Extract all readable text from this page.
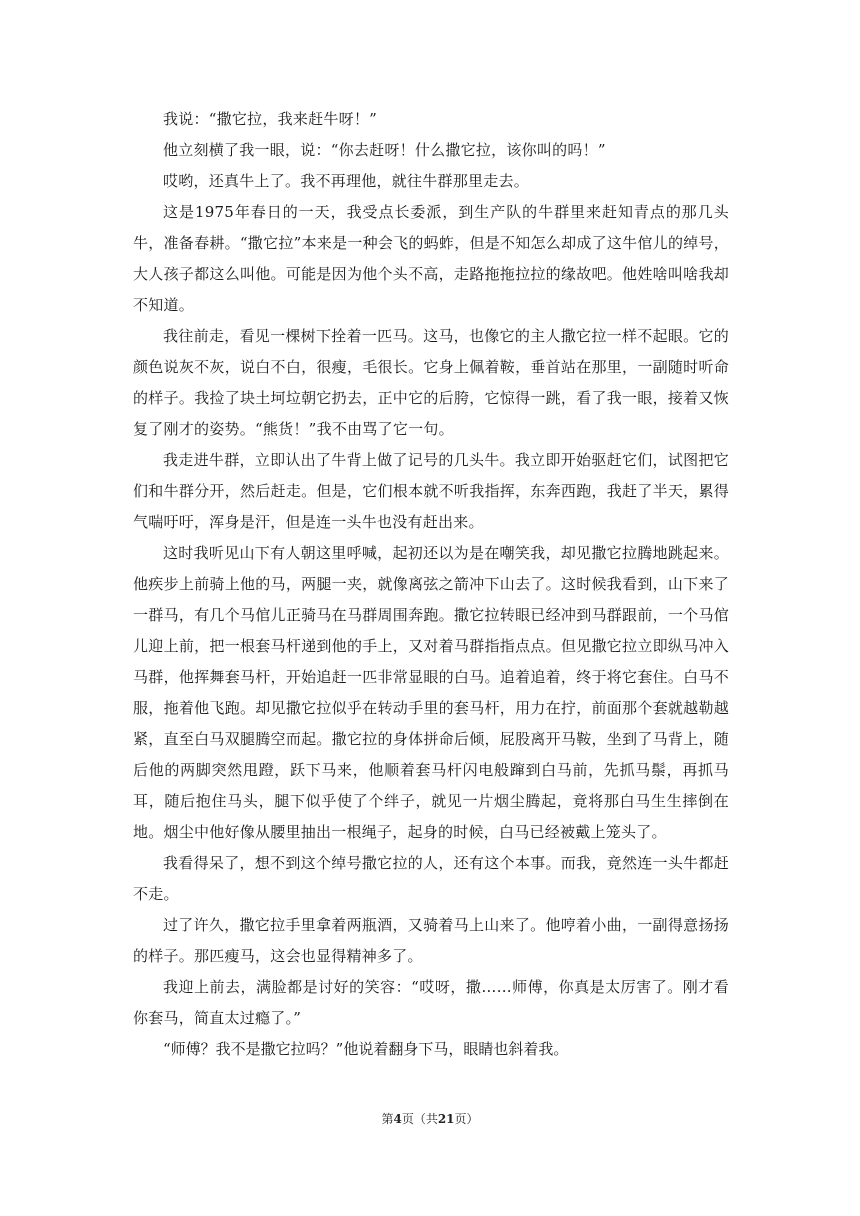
我说：“撒它拉，我来赶牛呀！”

他立刻横了我一眼，说：“你去赶呀！什么撒它拉，该你叫的吗！”

哎哟，还真牛上了。我不再理他，就往牛群那里走去。

这是1975年春日的一天，我受点长委派，到生产队的牛群里来赶知青点的那几头牛，准备春耕。“撒它拉”本来是一种会飞的蚂蚱，但是不知怎么却成了这牛倌儿的绰号，大人孩子都这么叫他。可能是因为他个头不高，走路拖拖拉拉的缘故吧。他姓啥叫啥我却不知道。

我往前走，看见一棵树下拴着一匹马。这马，也像它的主人撒它拉一样不起眼。它的颜色说灰不灰，说白不白，很瘦，毛很长。它身上佩着鞍，垂首站在那里，一副随时听命的样子。我捡了块土坷垃朝它扔去，正中它的后胯，它惊得一跳，看了我一眼，接着又恢复了刚才的姿势。“熊货！”我不由骂了它一句。

我走进牛群，立即认出了牛背上做了记号的几头牛。我立即开始驱赶它们，试图把它们和牛群分开，然后赶走。但是，它们根本就不听我指挥，东奔西跑，我赶了半天，累得气喘吁吁，浑身是汗，但是连一头牛也没有赶出来。

这时我听见山下有人朝这里呼喊，起初还以为是在嘲笑我，却见撒它拉腾地跳起来。他疾步上前骑上他的马，两腿一夹，就像离弦之箭冲下山去了。这时候我看到，山下来了一群马，有几个马倌儿正骑马在马群周围奔跑。撒它拉转眼已经冲到马群跟前，一个马倌儿迎上前，把一根套马杆递到他的手上，又对着马群指指点点。但见撒它拉立即纵马冲入马群，他挥舞套马杆，开始追赶一匹非常显眼的白马。追着追着，终于将它套住。白马不服，拖着他飞跑。却见撒它拉似乎在转动手里的套马杆，用力在拧，前面那个套就越勒越紧，直至白马双腿腾空而起。撒它拉的身体拼命后倾，屁股离开马鞍，坐到了马背上，随后他的两脚突然甩蹬，跃下马来，他顺着套马杆闪电般蹿到白马前，先抓马鬃，再抓马耳，随后抱住马头，腿下似乎使了个绊子，就见一片烟尘腾起，竟将那白马生生摔倒在地。烟尘中他好像从腰里抽出一根绳子，起身的时候，白马已经被戴上笼头了。

我看得呆了，想不到这个绰号撒它拉的人，还有这个本事。而我，竟然连一头牛都赶不走。

过了许久，撒它拉手里拿着两瓶酒，又骑着马上山来了。他哼着小曲，一副得意扬扬的样子。那匹瘦马，这会也显得精神多了。

我迎上前去，满脸都是讨好的笑容：“哎呀，撒……师傅，你真是太厉害了。刚才看你套马，简直太过瘾了。”

“师傅？我不是撒它拉吗？”他说着翻身下马，眼睛也斜着我。

第4页（共21页）
